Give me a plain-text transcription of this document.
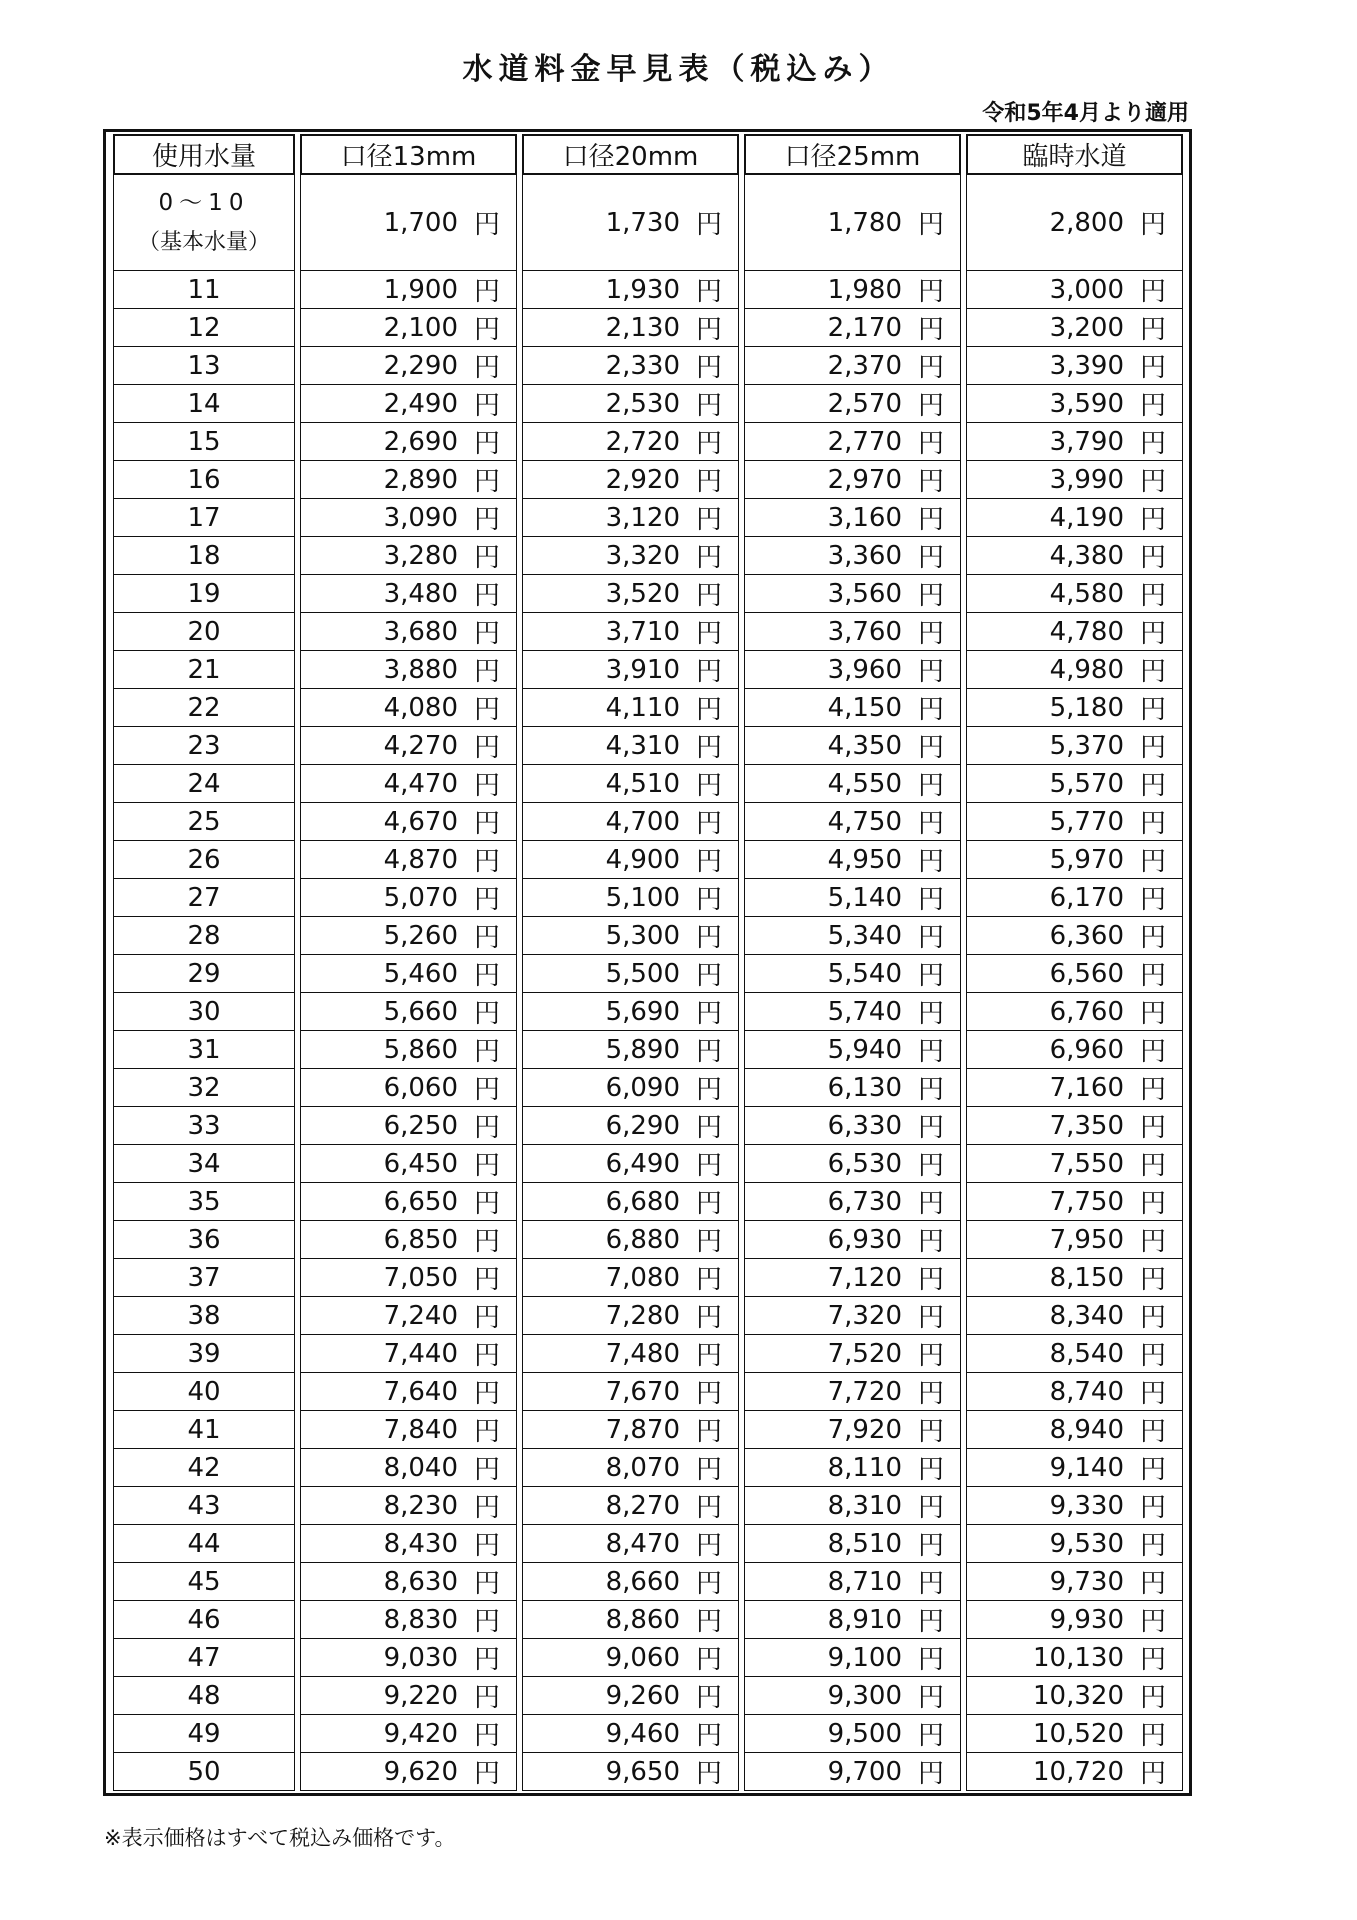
水道料金早見表（税込み）
令和5年4月より適用
使用水量	口径13mm	口径20mm	口径25mm	臨時水道

0～10
（基本水量）	1,700 円	1,730 円	1,780 円	2,800 円

11	1,900 円	1,930 円	1,980 円	3,000 円

12	2,100 円	2,130 円	2,170 円	3,200 円

13	2,290 円	2,330 円	2,370 円	3,390 円

14	2,490 円	2,530 円	2,570 円	3,590 円

15	2,690 円	2,720 円	2,770 円	3,790 円

16	2,890 円	2,920 円	2,970 円	3,990 円

17	3,090 円	3,120 円	3,160 円	4,190 円

18	3,280 円	3,320 円	3,360 円	4,380 円

19	3,480 円	3,520 円	3,560 円	4,580 円

20	3,680 円	3,710 円	3,760 円	4,780 円

21	3,880 円	3,910 円	3,960 円	4,980 円

22	4,080 円	4,110 円	4,150 円	5,180 円

23	4,270 円	4,310 円	4,350 円	5,370 円

24	4,470 円	4,510 円	4,550 円	5,570 円

25	4,670 円	4,700 円	4,750 円	5,770 円

26	4,870 円	4,900 円	4,950 円	5,970 円

27	5,070 円	5,100 円	5,140 円	6,170 円

28	5,260 円	5,300 円	5,340 円	6,360 円

29	5,460 円	5,500 円	5,540 円	6,560 円

30	5,660 円	5,690 円	5,740 円	6,760 円

31	5,860 円	5,890 円	5,940 円	6,960 円

32	6,060 円	6,090 円	6,130 円	7,160 円

33	6,250 円	6,290 円	6,330 円	7,350 円

34	6,450 円	6,490 円	6,530 円	7,550 円

35	6,650 円	6,680 円	6,730 円	7,750 円

36	6,850 円	6,880 円	6,930 円	7,950 円

37	7,050 円	7,080 円	7,120 円	8,150 円

38	7,240 円	7,280 円	7,320 円	8,340 円

39	7,440 円	7,480 円	7,520 円	8,540 円

40	7,640 円	7,670 円	7,720 円	8,740 円

41	7,840 円	7,870 円	7,920 円	8,940 円

42	8,040 円	8,070 円	8,110 円	9,140 円

43	8,230 円	8,270 円	8,310 円	9,330 円

44	8,430 円	8,470 円	8,510 円	9,530 円

45	8,630 円	8,660 円	8,710 円	9,730 円

46	8,830 円	8,860 円	8,910 円	9,930 円

47	9,030 円	9,060 円	9,100 円	10,130 円

48	9,220 円	9,260 円	9,300 円	10,320 円

49	9,420 円	9,460 円	9,500 円	10,520 円

50	9,620 円	9,650 円	9,700 円	10,720 円
※表示価格はすべて税込み価格です。
